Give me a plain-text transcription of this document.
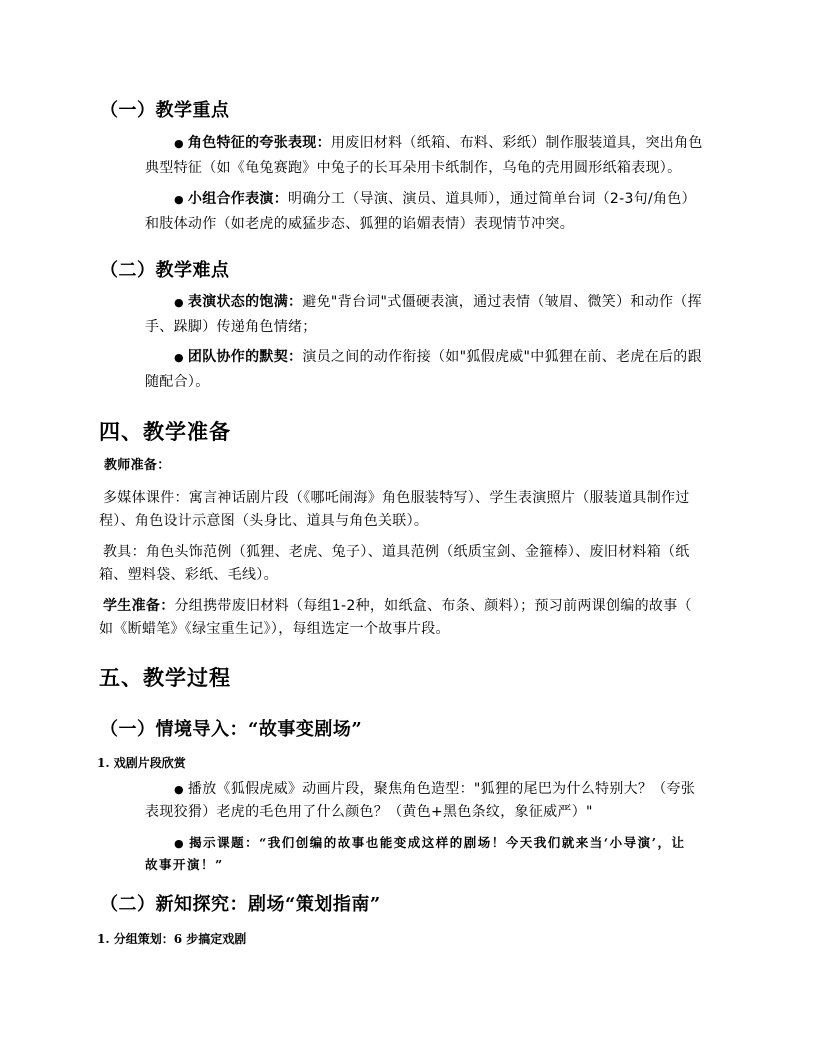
（一）教学重点
● 角色特征的夸张表现：用废旧材料（纸箱、布料、彩纸）制作服装道具，突出角色
典型特征（如《龟兔赛跑》中兔子的长耳朵用卡纸制作，乌龟的壳用圆形纸箱表现）。
● 小组合作表演：明确分工（导演、演员、道具师），通过简单台词（2-3句/角色）
和肢体动作（如老虎的威猛步态、狐狸的谄媚表情）表现情节冲突。
（二）教学难点
● 表演状态的饱满：避免"背台词"式僵硬表演，通过表情（皱眉、微笑）和动作（挥
手、跺脚）传递角色情绪；
● 团队协作的默契：演员之间的动作衔接（如"狐假虎威"中狐狸在前、老虎在后的跟
随配合）。
四、教学准备
教师准备：
多媒体课件：寓言神话剧片段（《哪吒闹海》角色服装特写）、学生表演照片（服装道具制作过
程）、角色设计示意图（头身比、道具与角色关联）。
教具：角色头饰范例（狐狸、老虎、兔子）、道具范例（纸质宝剑、金箍棒）、废旧材料箱（纸
箱、塑料袋、彩纸、毛线）。
学生准备：分组携带废旧材料（每组1-2种，如纸盒、布条、颜料）；预习前两课创编的故事（
如《断蜡笔》《绿宝重生记》），每组选定一个故事片段。
五、教学过程
（一）情境导入：“故事变剧场”
1. 戏剧片段欣赏
● 播放《狐假虎威》动画片段，聚焦角色造型："狐狸的尾巴为什么特别大？（夸张
表现狡猾）老虎的毛色用了什么颜色？（黄色+黑色条纹，象征威严）"
● 揭示课题：“我们创编的故事也能变成这样的剧场！今天我们就来当‘小导演’，让
故事开演！”
（二）新知探究：剧场“策划指南”
1. 分组策划：6 步搞定戏剧
